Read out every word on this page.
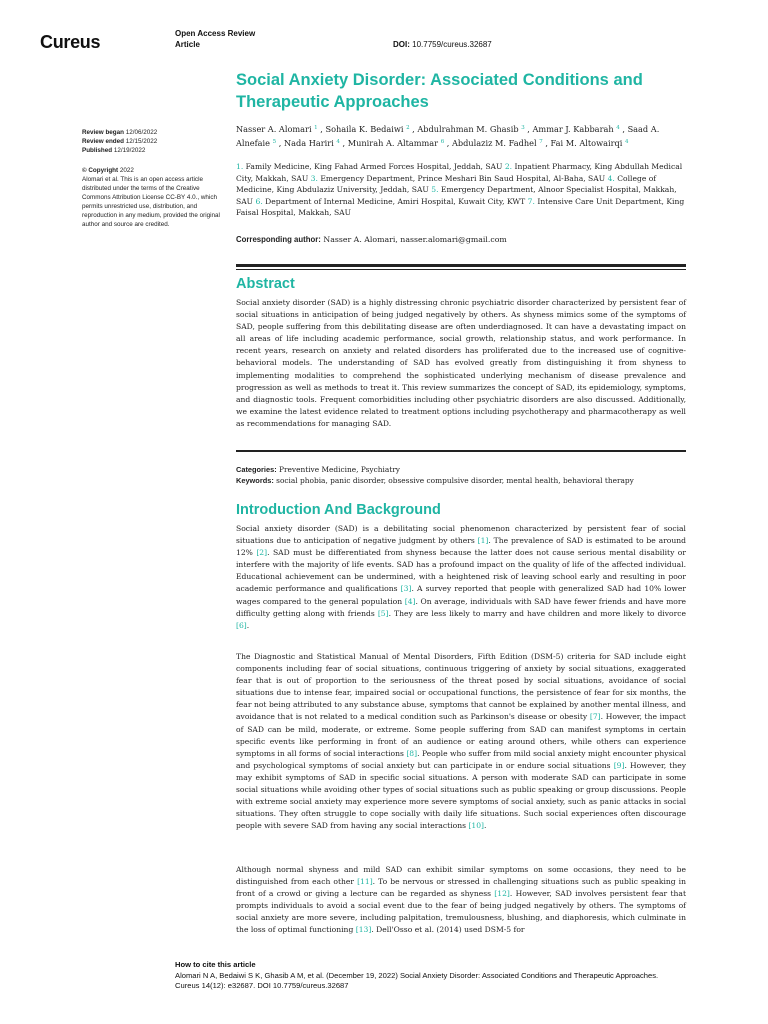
Cureus	Open Access Review
Article	DOI: 10.7759/cureus.32687
Social Anxiety Disorder: Associated Conditions and Therapeutic Approaches
Review began 12/06/2022
Review ended 12/15/2022
Published 12/19/2022
© Copyright 2022
Alomari et al. This is an open access article distributed under the terms of the Creative Commons Attribution License CC-BY 4.0., which permits unrestricted use, distribution, and reproduction in any medium, provided the original author and source are credited.
Nasser A. Alomari $^1$ , Sohaila K. Bedaiwi $^2$ , Abdulrahman M. Ghasib $^3$ , Ammar J. Kabbarah $^4$ , Saad A. Alnefaie $^5$ , Nada Hariri $^4$ , Munirah A. Altammar $^6$ , Abdulaziz M. Fadhel $^7$ , Fai M. Altowairqi $^4$
1. Family Medicine, King Fahad Armed Forces Hospital, Jeddah, SAU 2. Inpatient Pharmacy, King Abdullah Medical City, Makkah, SAU 3. Emergency Department, Prince Meshari Bin Saud Hospital, Al-Baha, SAU 4. College of Medicine, King Abdulaziz University, Jeddah, SAU 5. Emergency Department, Alnoor Specialist Hospital, Makkah, SAU 6. Department of Internal Medicine, Amiri Hospital, Kuwait City, KWT 7. Intensive Care Unit Department, King Faisal Hospital, Makkah, SAU
Corresponding author: Nasser A. Alomari, nasser.alomari@gmail.com
Abstract
Social anxiety disorder (SAD) is a highly distressing chronic psychiatric disorder characterized by persistent fear of social situations in anticipation of being judged negatively by others. As shyness mimics some of the symptoms of SAD, people suffering from this debilitating disease are often underdiagnosed. It can have a devastating impact on all areas of life including academic performance, social growth, relationship status, and work performance. In recent years, research on anxiety and related disorders has proliferated due to the increased use of cognitive-behavioral models. The understanding of SAD has evolved greatly from distinguishing it from shyness to implementing modalities to comprehend the sophisticated underlying mechanism of disease prevalence and progression as well as methods to treat it. This review summarizes the concept of SAD, its epidemiology, symptoms, and diagnostic tools. Frequent comorbidities including other psychiatric disorders are also discussed. Additionally, we examine the latest evidence related to treatment options including psychotherapy and pharmacotherapy as well as recommendations for managing SAD.
Categories: Preventive Medicine, Psychiatry
Keywords: social phobia, panic disorder, obsessive compulsive disorder, mental health, behavioral therapy
Introduction And Background
Social anxiety disorder (SAD) is a debilitating social phenomenon characterized by persistent fear of social situations due to anticipation of negative judgment by others [1]. The prevalence of SAD is estimated to be around 12% [2]. SAD must be differentiated from shyness because the latter does not cause serious mental disability or interfere with the majority of life events. SAD has a profound impact on the quality of life of the affected individual. Educational achievement can be undermined, with a heightened risk of leaving school early and resulting in poor academic performance and qualifications [3]. A survey reported that people with generalized SAD had 10% lower wages compared to the general population [4]. On average, individuals with SAD have fewer friends and have more difficulty getting along with friends [5]. They are less likely to marry and have children and more likely to divorce [6].
The Diagnostic and Statistical Manual of Mental Disorders, Fifth Edition (DSM-5) criteria for SAD include eight components including fear of social situations, continuous triggering of anxiety by social situations, exaggerated fear that is out of proportion to the seriousness of the threat posed by social situations, avoidance of social situations due to intense fear, impaired social or occupational functions, the persistence of fear for six months, the fear not being attributed to any substance abuse, symptoms that cannot be explained by another mental illness, and avoidance that is not related to a medical condition such as Parkinson's disease or obesity [7]. However, the impact of SAD can be mild, moderate, or extreme. Some people suffering from SAD can manifest symptoms in certain specific events like performing in front of an audience or eating around others, while others can experience symptoms in all forms of social interactions [8]. People who suffer from mild social anxiety might encounter physical and psychological symptoms of social anxiety but can participate in or endure social situations [9]. However, they may exhibit symptoms of SAD in specific social situations. A person with moderate SAD can participate in some social situations while avoiding other types of social situations such as public speaking or group discussions. People with extreme social anxiety may experience more severe symptoms of social anxiety, such as panic attacks in social situations. They often struggle to cope socially with daily life situations. Such social experiences often discourage people with severe SAD from having any social interactions [10].
Although normal shyness and mild SAD can exhibit similar symptoms on some occasions, they need to be distinguished from each other [11]. To be nervous or stressed in challenging situations such as public speaking in front of a crowd or giving a lecture can be regarded as shyness [12]. However, SAD involves persistent fear that prompts individuals to avoid a social event due to the fear of being judged negatively by others. The symptoms of social anxiety are more severe, including palpitation, tremulousness, blushing, and diaphoresis, which culminate in the loss of optimal functioning [13]. Dell'Osso et al. (2014) used DSM-5 for
How to cite this article
Alomari N A, Bedaiwi S K, Ghasib A M, et al. (December 19, 2022) Social Anxiety Disorder: Associated Conditions and Therapeutic Approaches.
Cureus 14(12): e32687. DOI 10.7759/cureus.32687
